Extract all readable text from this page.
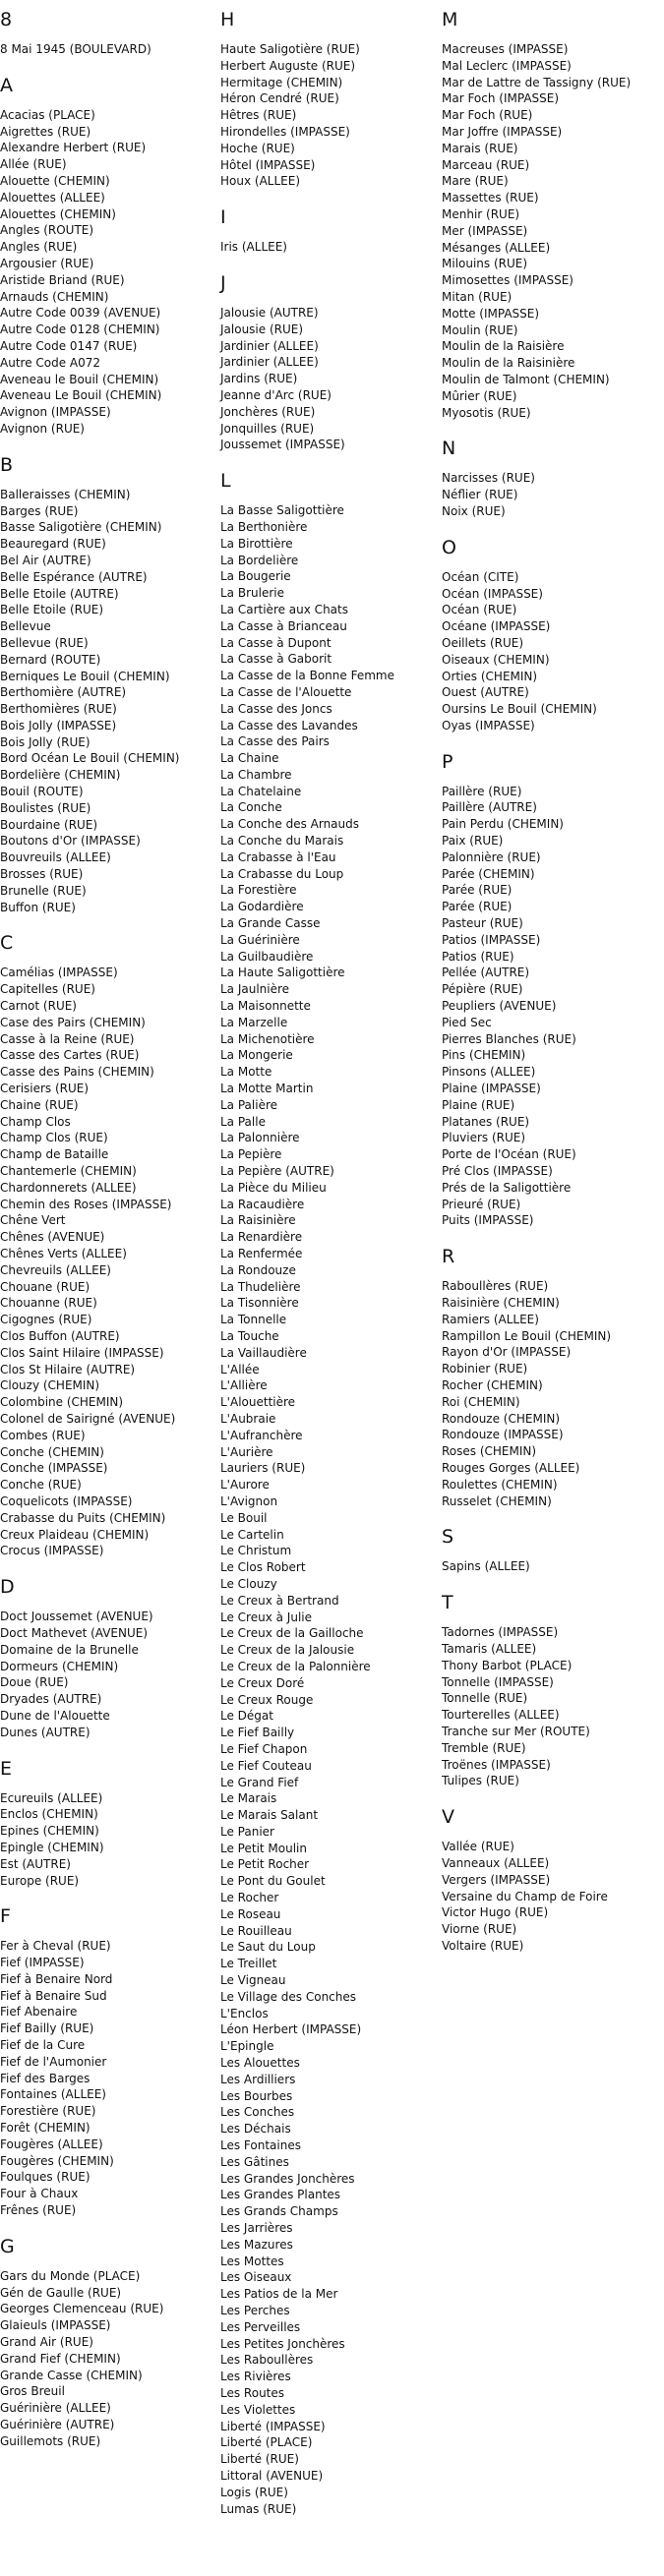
8
8 Mai 1945 (BOULEVARD)
A
Acacias (PLACE)
Aigrettes (RUE)
Alexandre Herbert (RUE)
Allée (RUE)
Alouette (CHEMIN)
Alouettes (ALLEE)
Alouettes (CHEMIN)
Angles (ROUTE)
Angles (RUE)
Argousier (RUE)
Aristide Briand (RUE)
Arnauds (CHEMIN)
Autre Code 0039 (AVENUE)
Autre Code 0128 (CHEMIN)
Autre Code 0147 (RUE)
Autre Code A072
Aveneau le Bouil (CHEMIN)
Aveneau Le Bouil (CHEMIN)
Avignon (IMPASSE)
Avignon (RUE)
B
Balleraisses (CHEMIN)
Barges (RUE)
Basse Saligotière (CHEMIN)
Beauregard (RUE)
Bel Air (AUTRE)
Belle Espérance (AUTRE)
Belle Etoile (AUTRE)
Belle Etoile (RUE)
Bellevue
Bellevue (RUE)
Bernard (ROUTE)
Berniques Le Bouil (CHEMIN)
Berthomière (AUTRE)
Berthomières (RUE)
Bois Jolly (IMPASSE)
Bois Jolly (RUE)
Bord Océan Le Bouil (CHEMIN)
Bordelière (CHEMIN)
Bouil (ROUTE)
Boulistes (RUE)
Bourdaine (RUE)
Boutons d'Or (IMPASSE)
Bouvreuils (ALLEE)
Brosses (RUE)
Brunelle (RUE)
Buffon (RUE)
C
Camélias (IMPASSE)
Capitelles (RUE)
Carnot (RUE)
Case des Pairs (CHEMIN)
Casse à la Reine (RUE)
Casse des Cartes (RUE)
Casse des Pains (CHEMIN)
Cerisiers (RUE)
Chaine (RUE)
Champ Clos
Champ Clos (RUE)
Champ de Bataille
Chantemerle (CHEMIN)
Chardonnerets (ALLEE)
Chemin des Roses (IMPASSE)
Chêne Vert
Chênes (AVENUE)
Chênes Verts (ALLEE)
Chevreuils (ALLEE)
Chouane (RUE)
Chouanne (RUE)
Cigognes (RUE)
Clos Buffon (AUTRE)
Clos Saint Hilaire (IMPASSE)
Clos St Hilaire (AUTRE)
Clouzy (CHEMIN)
Colombine (CHEMIN)
Colonel de Sairigné (AVENUE)
Combes (RUE)
Conche (CHEMIN)
Conche (IMPASSE)
Conche (RUE)
Coquelicots (IMPASSE)
Crabasse du Puits (CHEMIN)
Creux Plaideau (CHEMIN)
Crocus (IMPASSE)
D
Doct Joussemet (AVENUE)
Doct Mathevet (AVENUE)
Domaine de la Brunelle
Dormeurs (CHEMIN)
Doue (RUE)
Dryades (AUTRE)
Dune de l'Alouette
Dunes (AUTRE)
E
Ecureuils (ALLEE)
Enclos (CHEMIN)
Epines (CHEMIN)
Epingle (CHEMIN)
Est (AUTRE)
Europe (RUE)
F
Fer à Cheval (RUE)
Fief (IMPASSE)
Fief à Benaire Nord
Fief à Benaire Sud
Fief Abenaire
Fief Bailly (RUE)
Fief de la Cure
Fief de l'Aumonier
Fief des Barges
Fontaines (ALLEE)
Forestière (RUE)
Forêt (CHEMIN)
Fougères (ALLEE)
Fougères (CHEMIN)
Foulques (RUE)
Four à Chaux
Frênes (RUE)
G
Gars du Monde (PLACE)
Gén de Gaulle (RUE)
Georges Clemenceau (RUE)
Glaieuls (IMPASSE)
Grand Air (RUE)
Grand Fief (CHEMIN)
Grande Casse (CHEMIN)
Gros Breuil
Guérinière (ALLEE)
Guérinière (AUTRE)
Guillemots (RUE)
H
Haute Saligotière (RUE)
Herbert Auguste (RUE)
Hermitage (CHEMIN)
Héron Cendré (RUE)
Hêtres (RUE)
Hirondelles (IMPASSE)
Hoche (RUE)
Hôtel (IMPASSE)
Houx (ALLEE)
I
Iris (ALLEE)
J
Jalousie (AUTRE)
Jalousie (RUE)
Jardinier (ALLEE)
Jardinier (ALLEE)
Jardins (RUE)
Jeanne d'Arc (RUE)
Jonchères (RUE)
Jonquilles (RUE)
Joussemet (IMPASSE)
L
La Basse Saligottière
La Berthonière
La Birottière
La Bordelière
La Bougerie
La Brulerie
La Cartière aux Chats
La Casse à Brianceau
La Casse à Dupont
La Casse à Gaborit
La Casse de la Bonne Femme
La Casse de l'Alouette
La Casse des Joncs
La Casse des Lavandes
La Casse des Pairs
La Chaine
La Chambre
La Chatelaine
La Conche
La Conche des Arnauds
La Conche du Marais
La Crabasse à l'Eau
La Crabasse du Loup
La Forestière
La Godardière
La Grande Casse
La Guérinière
La Guilbaudière
La Haute Saligottière
La Jaulnière
La Maisonnette
La Marzelle
La Michenotière
La Mongerie
La Motte
La Motte Martin
La Palière
La Palle
La Palonnière
La Pepière
La Pepière (AUTRE)
La Pièce du Milieu
La Racaudière
La Raisinière
La Renardière
La Renfermée
La Rondouze
La Thudelière
La Tisonnière
La Tonnelle
La Touche
La Vaillaudière
L'Allée
L'Allière
L'Alouettière
L'Aubraie
L'Aufranchère
L'Aurière
Lauriers (RUE)
L'Aurore
L'Avignon
Le Bouil
Le Cartelin
Le Christum
Le Clos Robert
Le Clouzy
Le Creux à Bertrand
Le Creux à Julie
Le Creux de la Gailloche
Le Creux de la Jalousie
Le Creux de la Palonnière
Le Creux Doré
Le Creux Rouge
Le Dégat
Le Fief Bailly
Le Fief Chapon
Le Fief Couteau
Le Grand Fief
Le Marais
Le Marais Salant
Le Panier
Le Petit Moulin
Le Petit Rocher
Le Pont du Goulet
Le Rocher
Le Roseau
Le Rouilleau
Le Saut du Loup
Le Treillet
Le Vigneau
Le Village des Conches
L'Enclos
Léon Herbert (IMPASSE)
L'Epingle
Les Alouettes
Les Ardilliers
Les Bourbes
Les Conches
Les Déchais
Les Fontaines
Les Gâtines
Les Grandes Jonchères
Les Grandes Plantes
Les Grands Champs
Les Jarrières
Les Mazures
Les Mottes
Les Oiseaux
Les Patios de la Mer
Les Perches
Les Perveilles
Les Petites Jonchères
Les Raboullères
Les Rivières
Les Routes
Les Violettes
Liberté (IMPASSE)
Liberté (PLACE)
Liberté (RUE)
Littoral (AVENUE)
Logis (RUE)
Lumas (RUE)
M
Macreuses (IMPASSE)
Mal Leclerc (IMPASSE)
Mar de Lattre de Tassigny (RUE)
Mar Foch (IMPASSE)
Mar Foch (RUE)
Mar Joffre (IMPASSE)
Marais (RUE)
Marceau (RUE)
Mare (RUE)
Massettes (RUE)
Menhir (RUE)
Mer (IMPASSE)
Mésanges (ALLEE)
Milouins (RUE)
Mimosettes (IMPASSE)
Mitan (RUE)
Motte (IMPASSE)
Moulin (RUE)
Moulin de la Raisière
Moulin de la Raisinière
Moulin de Talmont (CHEMIN)
Mûrier (RUE)
Myosotis (RUE)
N
Narcisses (RUE)
Néflier (RUE)
Noix (RUE)
O
Océan (CITE)
Océan (IMPASSE)
Océan (RUE)
Océane (IMPASSE)
Oeillets (RUE)
Oiseaux (CHEMIN)
Orties (CHEMIN)
Ouest (AUTRE)
Oursins Le Bouil (CHEMIN)
Oyas (IMPASSE)
P
Paillère (RUE)
Paillère (AUTRE)
Pain Perdu (CHEMIN)
Paix (RUE)
Palonnière (RUE)
Parée (CHEMIN)
Parée (RUE)
Parée (RUE)
Pasteur (RUE)
Patios (IMPASSE)
Patios (RUE)
Pellée (AUTRE)
Pépière (RUE)
Peupliers (AVENUE)
Pied Sec
Pierres Blanches (RUE)
Pins (CHEMIN)
Pinsons (ALLEE)
Plaine (IMPASSE)
Plaine (RUE)
Platanes (RUE)
Pluviers (RUE)
Porte de l'Océan (RUE)
Pré Clos (IMPASSE)
Prés de la Saligottière
Prieuré (RUE)
Puits (IMPASSE)
R
Raboullères (RUE)
Raisinière (CHEMIN)
Ramiers (ALLEE)
Rampillon Le Bouil (CHEMIN)
Rayon d'Or (IMPASSE)
Robinier (RUE)
Rocher (CHEMIN)
Roi (CHEMIN)
Rondouze (CHEMIN)
Rondouze (IMPASSE)
Roses (CHEMIN)
Rouges Gorges (ALLEE)
Roulettes (CHEMIN)
Russelet (CHEMIN)
S
Sapins (ALLEE)
T
Tadornes (IMPASSE)
Tamaris (ALLEE)
Thony Barbot (PLACE)
Tonnelle (IMPASSE)
Tonnelle (RUE)
Tourterelles (ALLEE)
Tranche sur Mer (ROUTE)
Tremble (RUE)
Troënes (IMPASSE)
Tulipes (RUE)
V
Vallée (RUE)
Vanneaux (ALLEE)
Vergers (IMPASSE)
Versaine du Champ de Foire
Victor Hugo (RUE)
Viorne (RUE)
Voltaire (RUE)
